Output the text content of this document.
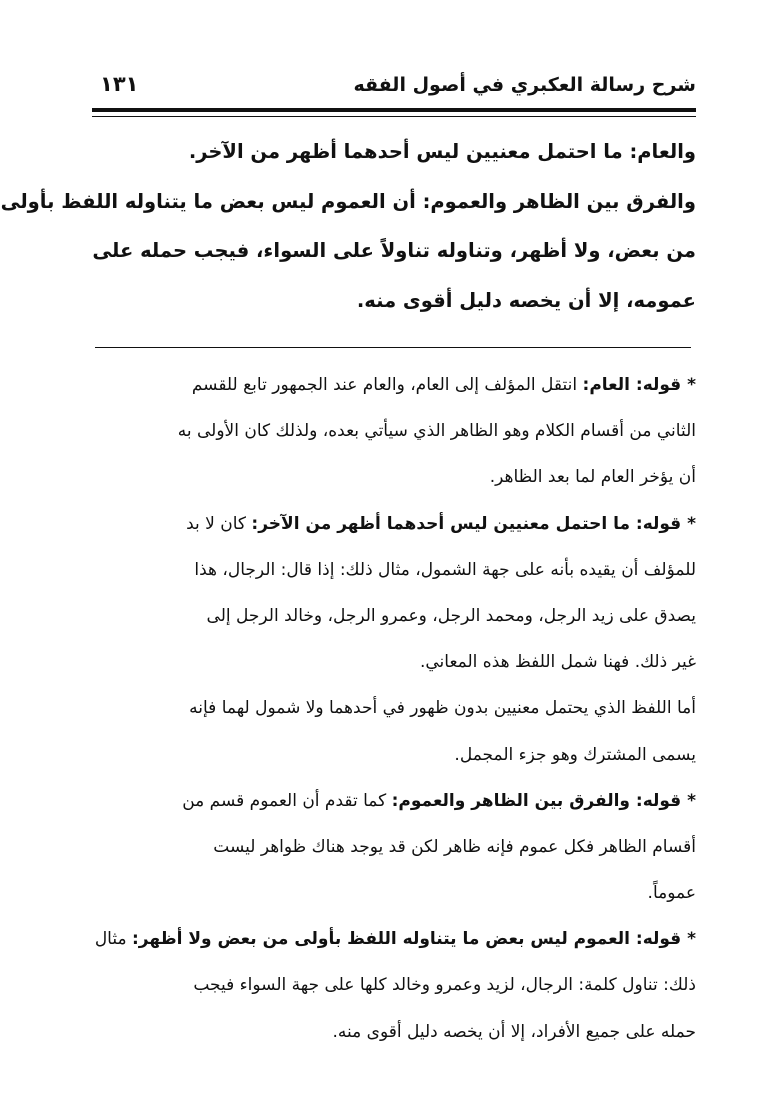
شرح رسالة العكبري في أصول الفقه
١٣١
والعام: ما احتمل معنيين ليس أحدهما أظهر من الآخر.
والفرق بين الظاهر والعموم: أن العموم ليس بعض ما يتناوله اللفظ بأولى
من بعض، ولا أظهر، وتناوله تناولاً على السواء، فيجب حمله على
عمومه، إلا أن يخصه دليل أقوى منه.
* قوله: العام: انتقل المؤلف إلى العام، والعام عند الجمهور تابع للقسم
الثاني من أقسام الكلام وهو الظاهر الذي سيأتي بعده، ولذلك كان الأولى به
أن يؤخر العام لما بعد الظاهر.
* قوله: ما احتمل معنيين ليس أحدهما أظهر من الآخر: كان لا بد
للمؤلف أن يقيده بأنه على جهة الشمول، مثال ذلك: إذا قال: الرجال، هذا
يصدق على زيد الرجل، ومحمد الرجل، وعمرو الرجل، وخالد الرجل إلى
غير ذلك. فهنا شمل اللفظ هذه المعاني.
أما اللفظ الذي يحتمل معنيين بدون ظهور في أحدهما ولا شمول لهما فإنه
يسمى المشترك وهو جزء المجمل.
* قوله: والفرق بين الظاهر والعموم: كما تقدم أن العموم قسم من
أقسام الظاهر فكل عموم فإنه ظاهر لكن قد يوجد هناك ظواهر ليست
عموماً.
* قوله: العموم ليس بعض ما يتناوله اللفظ بأولى من بعض ولا أظهر: مثال
ذلك: تناول كلمة: الرجال، لزيد وعمرو وخالد كلها على جهة السواء فيجب
حمله على جميع الأفراد، إلا أن يخصه دليل أقوى منه.
